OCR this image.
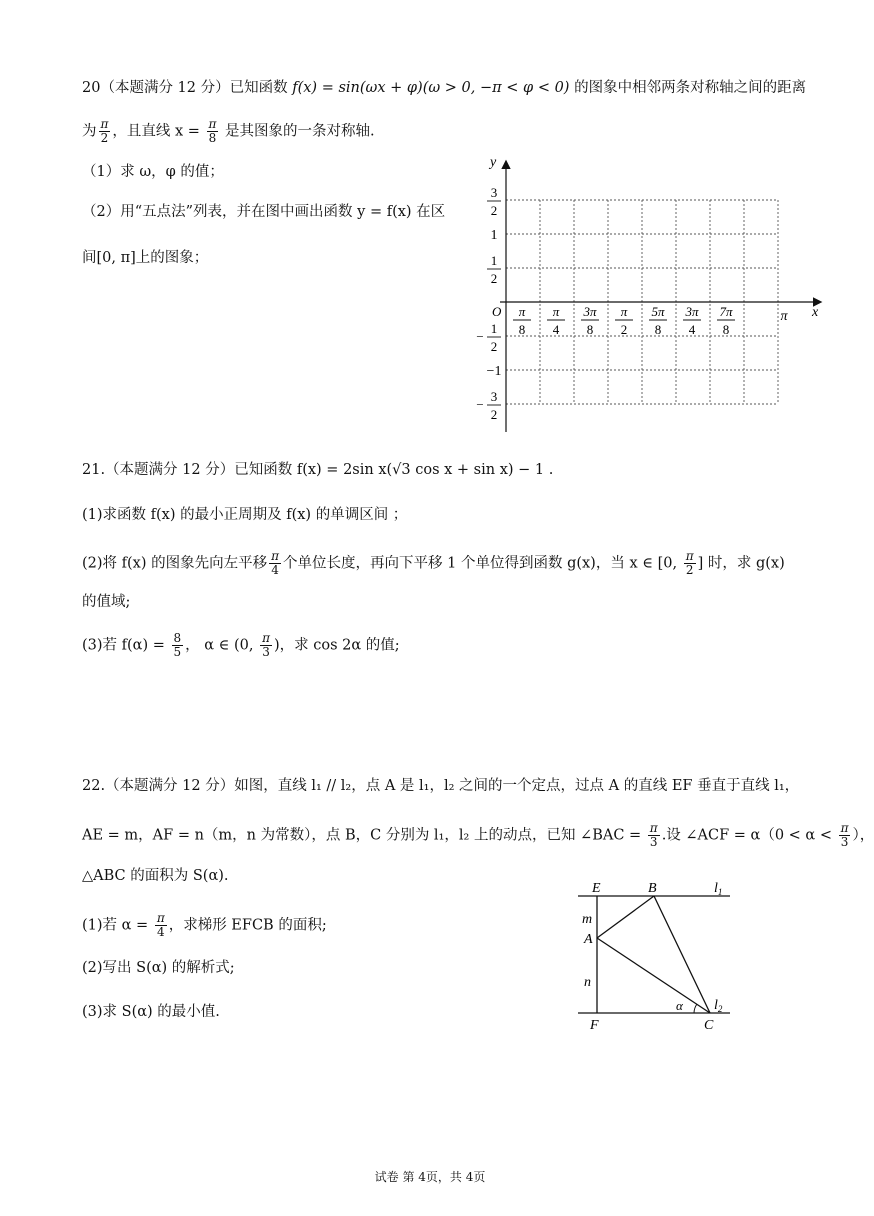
20（本题满分 12 分）已知函数 f(x) = sin(ωx + φ)(ω > 0, −π < φ < 0) 的图象中相邻两条对称轴之间的距离
为 $\frac{\pi}{2}$ ，且直线 $x = \frac{\pi}{8}$ 是其图象的一条对称轴.
（1）求 ω，φ 的值；
（2）用“五点法”列表，并在图中画出函数 y = f(x) 在区
间[0, π]上的图象；
y
x
O
3
2
1
1
2
1
2
−
−1
3
2
−
π
8
π
4
3π
8
π
2
5π
8
3π
4
7π
8
π
21.（本题满分 12 分）已知函数 f(x) = 2sin x(√3 cos x + sin x) − 1 .
(1)求函数 f(x) 的最小正周期及 f(x) 的单调区间 ；
(2)将 f(x) 的图象先向左平移 $\frac{\pi}{4}$ 个单位长度，再向下平移 1 个单位得到函数 g(x)，当 x ∈ [0, $\frac{\pi}{2}$ ] 时，求 g(x)
的值域;
(3)若 $f(\alpha) = \frac{8}{5}$ ， α ∈ (0, $\frac{\pi}{3}$ )，求 cos 2α 的值;
22.（本题满分 12 分）如图，直线 l₁ // l₂，点 A 是 l₁，l₂ 之间的一个定点，过点 A 的直线 EF 垂直于直线 l₁，
AE = m，AF = n（m，n 为常数），点 B，C 分别为 l₁，l₂ 上的动点，已知 ∠BAC = $\frac{\pi}{3}$ .设 ∠ACF = $\alpha(0 < \alpha < \frac{\pi}{3}$ ），
△ABC 的面积为 S(α).
(1)若 $\alpha = \frac{\pi}{4}$ ，求梯形 EFCB 的面积;
(2)写出 S(α) 的解析式;
(3)求 S(α) 的最小值.
E	B	$l_1$
m
A
n
α $l_2$
F	C
试卷 第 4页，共 4页
